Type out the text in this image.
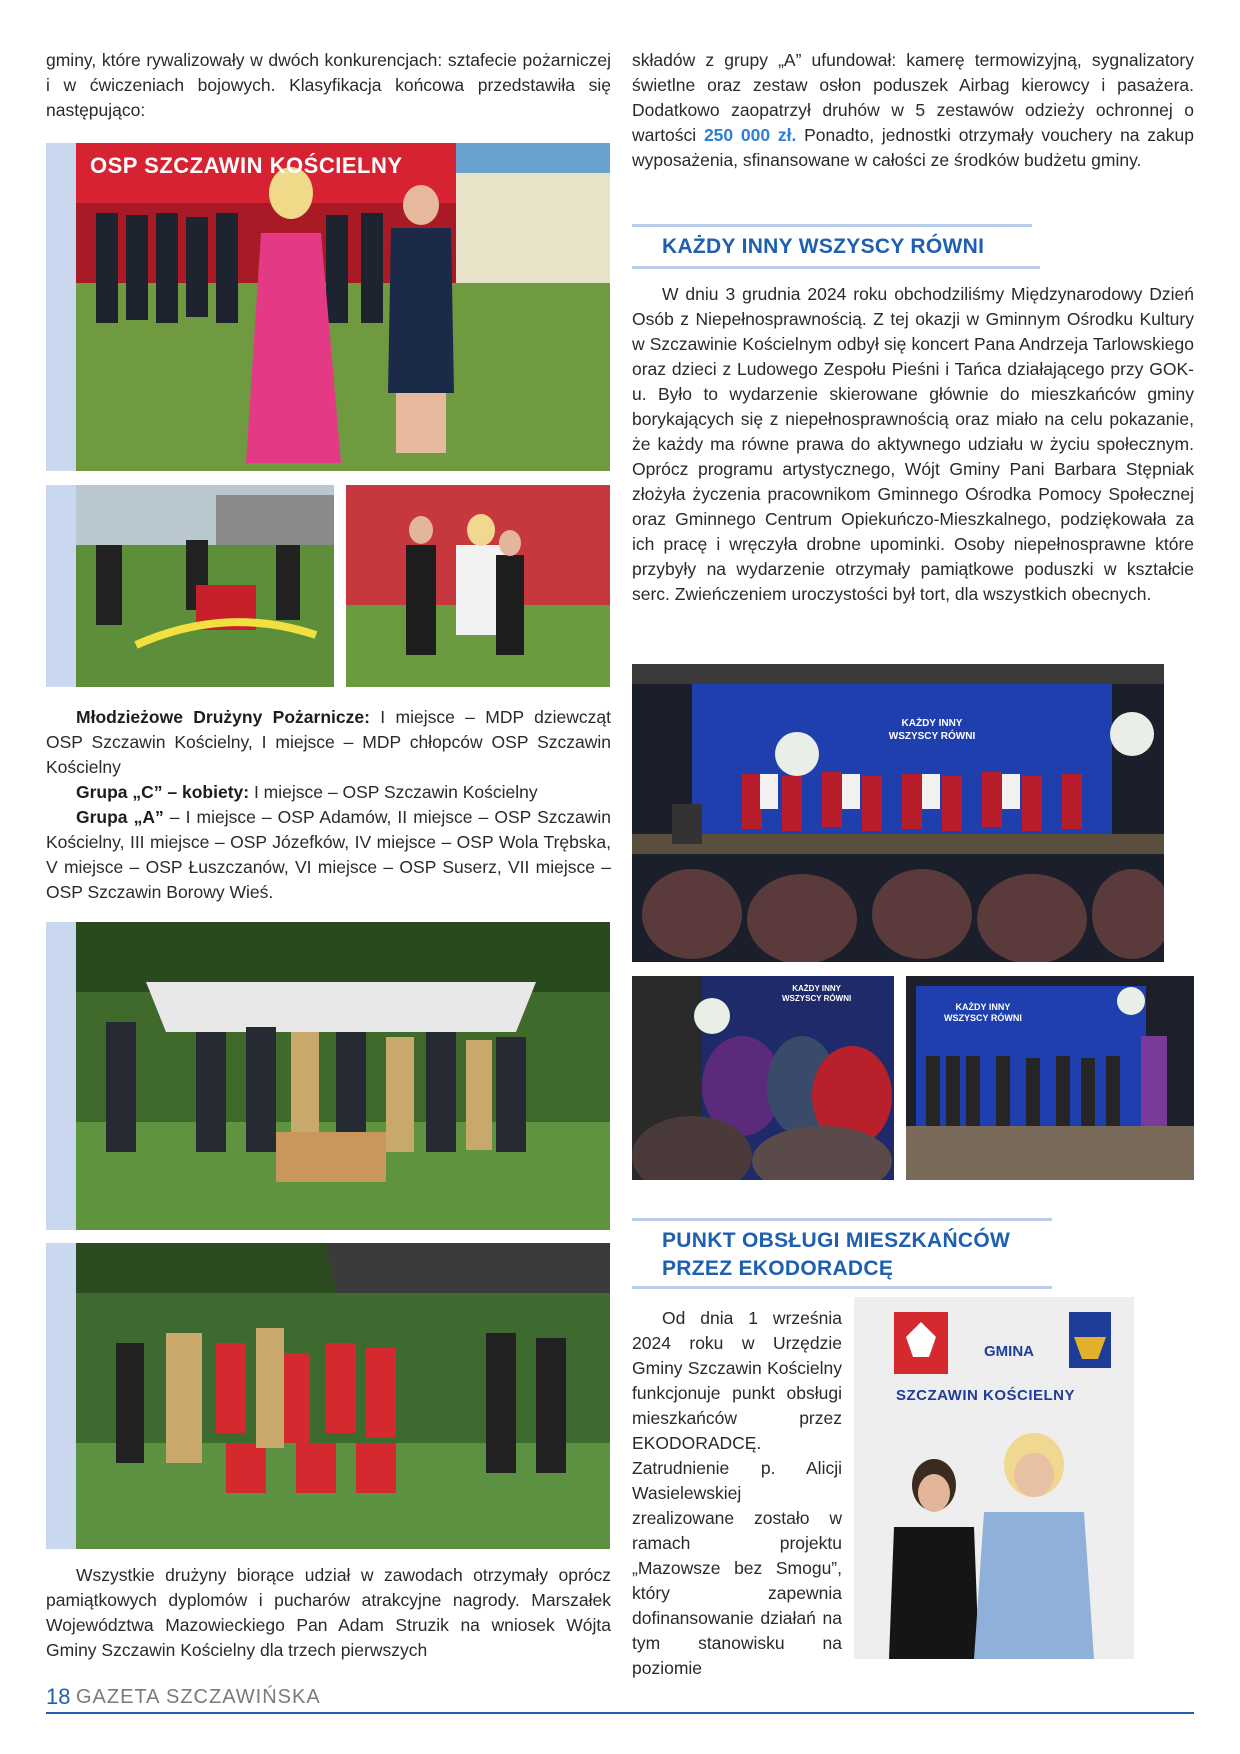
gminy, które rywalizowały w dwóch konkurencjach: sztafecie pożarniczej i w ćwiczeniach bojowych. Klasyfikacja końcowa przedstawiła się następująco:

OSP SZCZAWIN KOŚCIELNY

Młodzieżowe Drużyny Pożarnicze: I miejsce – MDP dziewcząt OSP Szczawin Kościelny, I miejsce – MDP chłopców OSP Szczawin Kościelny

Grupa „C” – kobiety: I miejsce – OSP Szczawin Kościelny

Grupa „A” – I miejsce – OSP Adamów, II miejsce – OSP Szczawin Kościelny, III miejsce – OSP Józefków, IV miejsce – OSP Wola Trębska, V miejsce – OSP Łuszczanów, VI miejsce – OSP Suserz, VII miejsce – OSP Szczawin Borowy Wieś.

Wszystkie drużyny biorące udział w zawodach otrzymały oprócz pamiątkowych dyplomów i pucharów atrakcyjne nagrody. Marszałek Województwa Mazowieckiego Pan Adam Struzik na wniosek Wójta Gminy Szczawin Kościelny dla trzech pierwszych

składów z grupy „A” ufundował: kamerę termowizyjną, sygnalizatory świetlne oraz zestaw osłon poduszek Airbag kierowcy i pasażera. Dodatkowo zaopatrzył druhów w 5 zestawów odzieży ochronnej o wartości 250 000 zł. Ponadto, jednostki otrzymały vouchery na zakup wyposażenia, sfinansowane w całości ze środków budżetu gminy.

KAŻDY INNY WSZYSCY RÓWNI

W dniu 3 grudnia 2024 roku obchodziliśmy Międzynarodowy Dzień Osób z Niepełnosprawnością. Z tej okazji w Gminnym Ośrodku Kultury w Szczawinie Kościelnym odbył się koncert Pana Andrzeja Tarlowskiego oraz dzieci z Ludowego Zespołu Pieśni i Tańca działającego przy GOK-u. Było to wydarzenie skierowane głównie do mieszkańców gminy borykających się z niepełnosprawnością oraz miało na celu pokazanie, że każdy ma równe prawa do aktywnego udziału w życiu społecznym. Oprócz programu artystycznego, Wójt Gminy Pani Barbara Stępniak złożyła życzenia pracownikom Gminnego Ośrodka Pomocy Społecznej oraz Gminnego Centrum Opiekuńczo-Mieszkalnego, podziękowała za ich pracę i wręczyła drobne upominki. Osoby niepełnosprawne które przybyły na wydarzenie otrzymały pamiątkowe poduszki w kształcie serc. Zwieńczeniem uroczystości był tort, dla wszystkich obecnych.

KAŻDY INNY
WSZYSCY RÓWNI
KAŻDY INNY
WSZYSCY RÓWNI
KAŻDY INNY
WSZYSCY RÓWNI
PUNKT OBSŁUGI MIESZKAŃCÓW
PRZEZ EKODORADCĘ

Od dnia 1 września 2024 roku w Urzędzie Gminy Szczawin Kościelny funkcjonuje punkt obsługi mieszkańców przez EKODORADCĘ. Zatrudnienie p. Alicji Wasielewskiej zrealizowane zostało w ramach projektu „Mazowsze bez Smogu”, który zapewnia dofinansowanie działań na tym stanowisku na poziomie

GMINA
SZCZAWIN KOŚCIELNY
18 GAZETA SZCZAWIŃSKA
